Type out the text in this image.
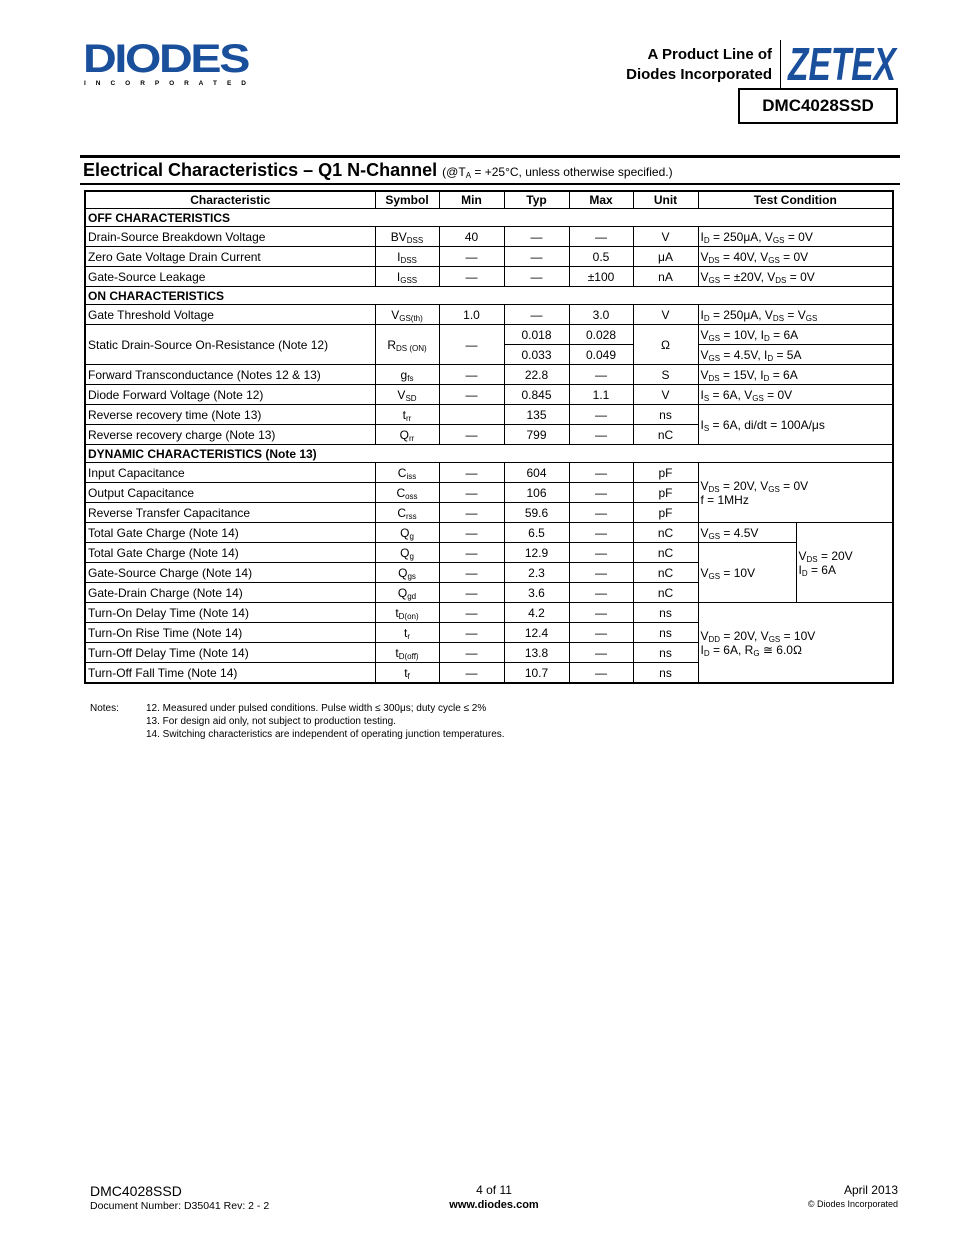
DIODES
I N C O R P O R A T E D
A Product Line of
Diodes Incorporated ZETEX
DMC4028SSD
Electrical Characteristics – Q1 N-Channel ($@T_A = +25^\circ C$, unless otherwise specified.)
Characteristic	Symbol	Min	Typ	Max	Unit	Test Condition	
OFF CHARACTERISTICS							
Drain-Source Breakdown Voltage	$BV_{DSS}$	40	—	—	V	$I_D = 250\mu A$, $V_{GS} = 0V$	
Zero Gate Voltage Drain Current	$I_{DSS}$	—	—	0.5	μA	$V_{DS} = 40V$, $V_{GS} = 0V$	
Gate-Source Leakage	$I_{GSS}$	—	—	±100	nA	$V_{GS} = \pm 20V$, $V_{DS} = 0V$	
ON CHARACTERISTICS							
Gate Threshold Voltage	$V_{GS(th)}$	1.0	—	3.0	V	$I_D = 250\mu A$, $V_{DS} = V_{GS}$
Static Drain-Source On-Resistance (Note 12)	$R_{DS (ON)}$	—	0.018	0.028	Ω	$V_{GS} = 10V$, $I_D = 6A$	
			0.033	0.049		$V_{GS} = 4.5V$, $I_D = 5A$	
Forward Transconductance (Notes 12 & 13)	$g_{fs}$	—	22.8	—	S	$V_{DS} = 15V$, $I_D = 6A$	
Diode Forward Voltage (Note 12)	$V_{SD}$	—	0.845	1.1	V	$I_S = 6A$, $V_{GS} = 0V$	
Reverse recovery time (Note 13)	$t_{rr}$		135	—	ns	$I_S = 6A$, di/dt = 100A/μs	
Reverse recovery charge (Note 13)	$Q_{rr}$	—	799	—	nC		
DYNAMIC CHARACTERISTICS (Note 13)							
Input Capacitance	$C_{iss}$	—	604	—	pF	$V_{DS} = 20V$, $V_{GS} = 0V$
f = 1MHz	
Output Capacitance	$C_{oss}$	—	106	—	pF		
Reverse Transfer Capacitance	$C_{rss}$	—	59.6	—	pF		
Total Gate Charge (Note 14)	$Q_g$	—	6.5	—	nC	$V_{GS} = 4.5V$	$V_{DS} = 20V$
$I_D = 6A$
Total Gate Charge (Note 14)	$Q_g$	—	12.9	—	nC	$V_{GS} = 10V$	
Gate-Source Charge (Note 14)	$Q_{gs}$	—	2.3	—	nC		
Gate-Drain Charge (Note 14)	$Q_{gd}$	—	3.6	—	nC		
Turn-On Delay Time (Note 14)	$t_{D(on)}$	—	4.2	—	ns	$V_{DD} = 20V$, $V_{GS} = 10V$
$I_D = 6A$, $R_G$ ≅ 6.0Ω	
Turn-On Rise Time (Note 14)	$t_r$	—	12.4	—	ns		
Turn-Off Delay Time (Note 14)	$t_{D(off)}$	—	13.8	—	ns		
Turn-Off Fall Time (Note 14)	$t_f$	—	10.7	—	ns		
Notes:	12. Measured under pulsed conditions. Pulse width ≤ 300μs; duty cycle ≤ 2%
13. For design aid only, not subject to production testing.
14. Switching characteristics are independent of operating junction temperatures.
DMC4028SSD
Document Number: D35041 Rev: 2 - 2
4 of 11
www.diodes.com
April 2013
© Diodes Incorporated
